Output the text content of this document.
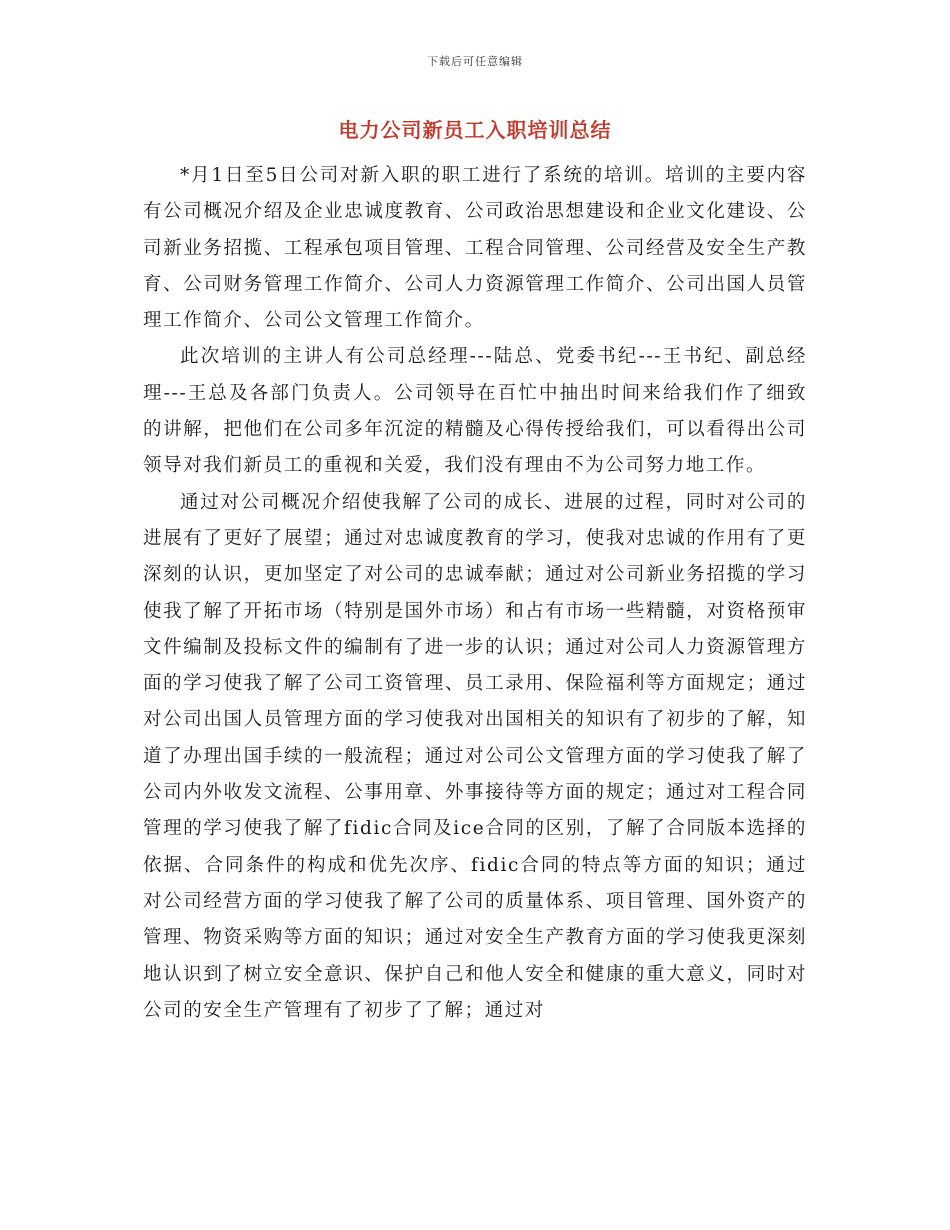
下载后可任意编辑
电力公司新员工入职培训总结

*月1日至5日公司对新入职的职工进行了系统的培训。培训的主要内容有公司概况介绍及企业忠诚度教育、公司政治思想建设和企业文化建设、公司新业务招揽、工程承包项目管理、工程合同管理、公司经营及安全生产教育、公司财务管理工作简介、公司人力资源管理工作简介、公司出国人员管理工作简介、公司公文管理工作简介。

此次培训的主讲人有公司总经理---陆总、党委书纪---王书纪、副总经理---王总及各部门负责人。公司领导在百忙中抽出时间来给我们作了细致的讲解，把他们在公司多年沉淀的精髓及心得传授给我们，可以看得出公司领导对我们新员工的重视和关爱，我们没有理由不为公司努力地工作。

通过对公司概况介绍使我解了公司的成长、进展的过程，同时对公司的进展有了更好了展望；通过对忠诚度教育的学习，使我对忠诚的作用有了更深刻的认识，更加坚定了对公司的忠诚奉献；通过对公司新业务招揽的学习使我了解了开拓市场（特别是国外市场）和占有市场一些精髓，对资格预审文件编制及投标文件的编制有了进一步的认识；通过对公司人力资源管理方面的学习使我了解了公司工资管理、员工录用、保险福利等方面规定；通过对公司出国人员管理方面的学习使我对出国相关的知识有了初步的了解，知道了办理出国手续的一般流程；通过对公司公文管理方面的学习使我了解了公司内外收发文流程、公事用章、外事接待等方面的规定；通过对工程合同管理的学习使我了解了fidic合同及ice合同的区别，了解了合同版本选择的依据、合同条件的构成和优先次序、fidic合同的特点等方面的知识；通过对公司经营方面的学习使我了解了公司的质量体系、项目管理、国外资产的管理、物资采购等方面的知识；通过对安全生产教育方面的学习使我更深刻地认识到了树立安全意识、保护自己和他人安全和健康的重大意义，同时对公司的安全生产管理有了初步了了解；通过对
